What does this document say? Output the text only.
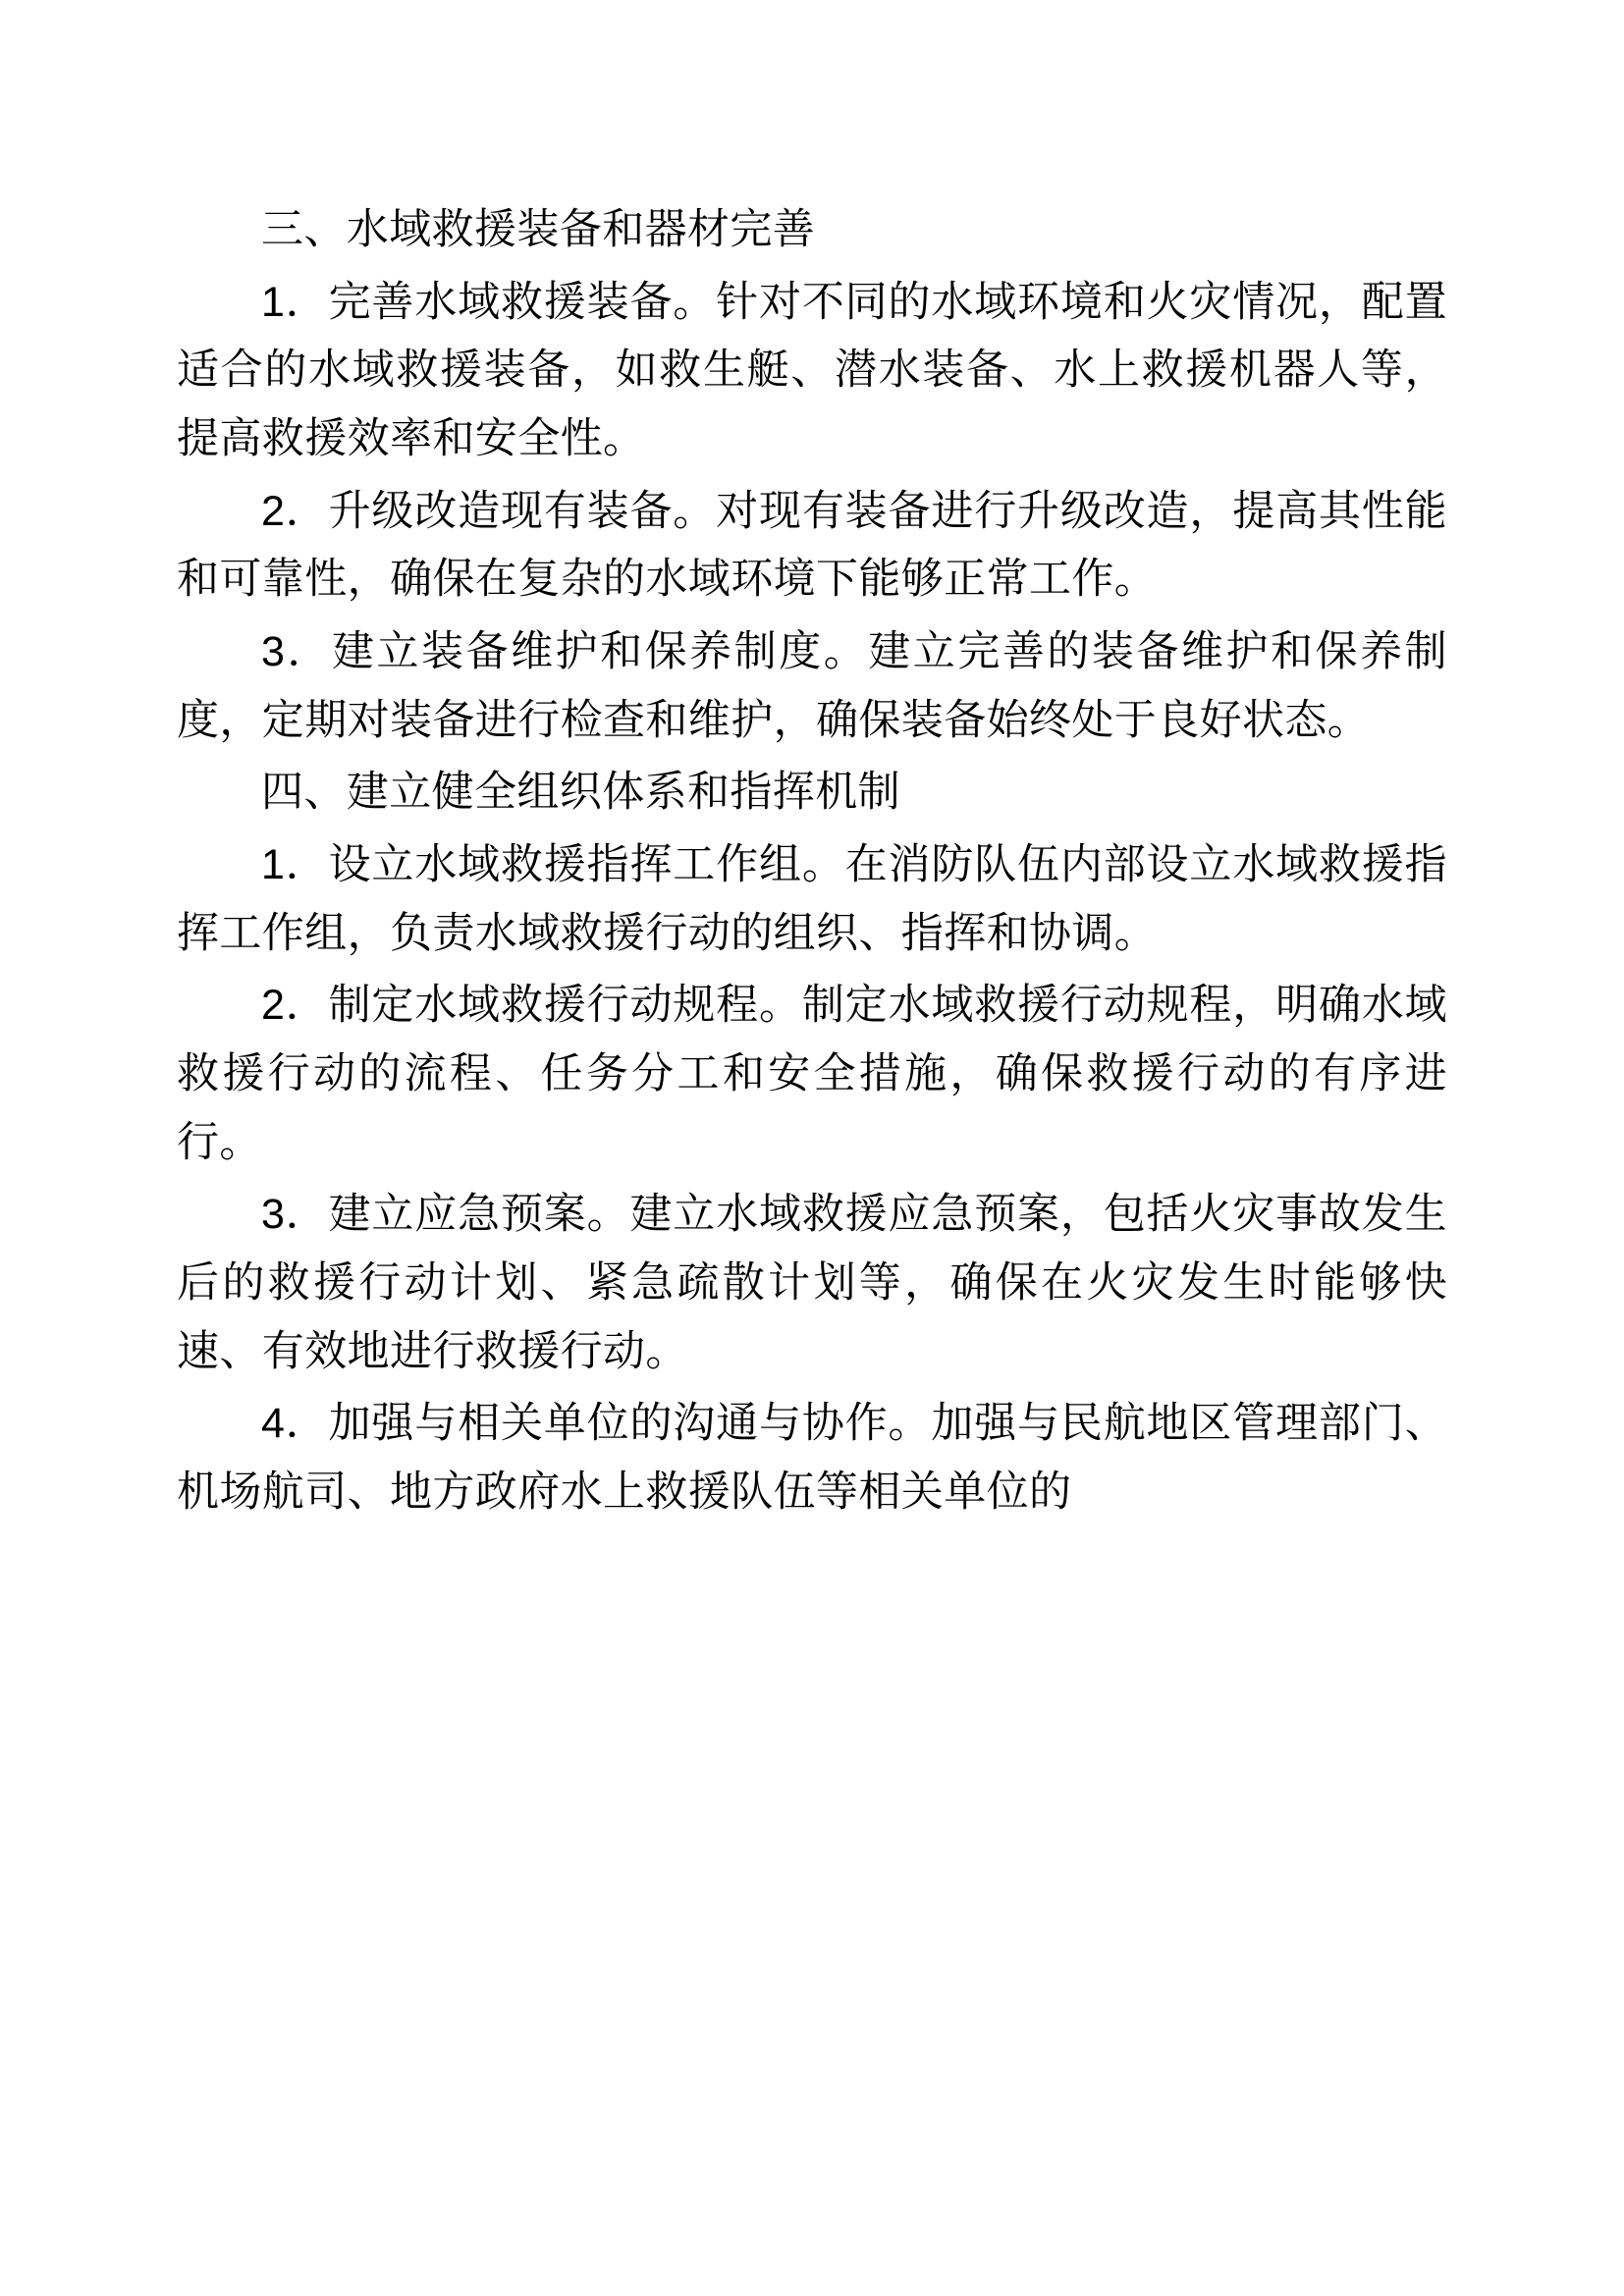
三、水域救援装备和器材完善

1．完善水域救援装备。针对不同的水域环境和火灾情况，配置适合的水域救援装备，如救生艇、潜水装备、水上救援机器人等，提高救援效率和安全性。

2．升级改造现有装备。对现有装备进行升级改造，提高其性能和可靠性，确保在复杂的水域环境下能够正常工作。

3．建立装备维护和保养制度。建立完善的装备维护和保养制度，定期对装备进行检查和维护，确保装备始终处于良好状态。

四、建立健全组织体系和指挥机制

1．设立水域救援指挥工作组。在消防队伍内部设立水域救援指挥工作组，负责水域救援行动的组织、指挥和协调。

2．制定水域救援行动规程。制定水域救援行动规程，明确水域救援行动的流程、任务分工和安全措施，确保救援行动的有序进行。

3．建立应急预案。建立水域救援应急预案，包括火灾事故发生后的救援行动计划、紧急疏散计划等，确保在火灾发生时能够快速、有效地进行救援行动。

4．加强与相关单位的沟通与协作。加强与民航地区管理部门、机场航司、地方政府水上救援队伍等相关单位的
